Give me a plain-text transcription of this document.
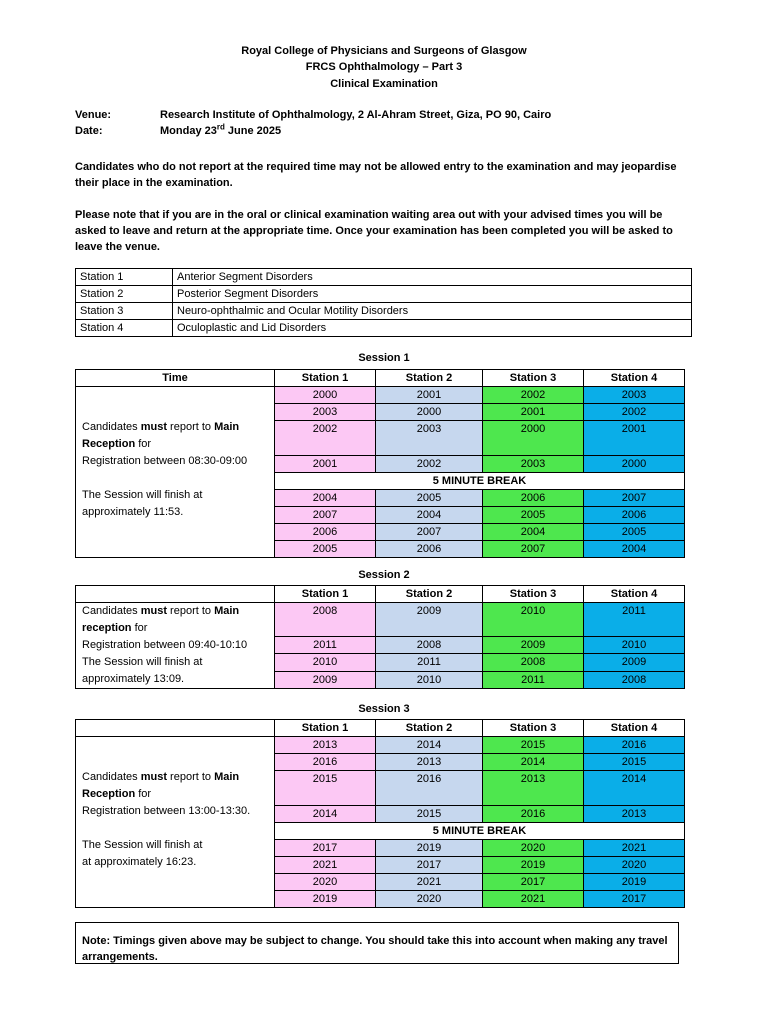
Royal College of Physicians and Surgeons of Glasgow
FRCS Ophthalmology – Part 3
Clinical Examination
Venue:	Research Institute of Ophthalmology, 2 Al-Ahram Street, Giza, PO 90, Cairo
Date:	Monday 23rd June 2025
Candidates who do not report at the required time may not be allowed entry to the examination and may jeopardise their place in the examination.
Please note that if you are in the oral or clinical examination waiting area out with your advised times you will be asked to leave and return at the appropriate time. Once your examination has been completed you will be asked to leave the venue.
Station 1	Anterior Segment Disorders
Station 2	Posterior Segment Disorders
Station 3	Neuro-ophthalmic and Ocular Motility Disorders
Station 4	Oculoplastic and Lid Disorders
Session 1
Time	Station 1	Station 2	Station 3	Station 4
Candidates must report to Main Reception for
Registration between 08:30-09:00

The Session will finish at
approximately 11:53.	2000	2001	2002	2003
	2003	2000	2001	2002
	2002	2003	2000	2001
	2001	2002	2003	2000
	5 MINUTE BREAK			
	2004	2005	2006	2007
	2007	2004	2005	2006
	2006	2007	2004	2005
	2005	2006	2007	2004
Session 2
	Station 1	Station 2	Station 3	Station 4
Candidates must report to Main reception for
Registration between 09:40-10:10
The Session will finish at
approximately 13:09.	2008	2009	2010	2011
	2011	2008	2009	2010
	2010	2011	2008	2009
	2009	2010	2011	2008
Session 3
	Station 1	Station 2	Station 3	Station 4
Candidates must report to Main Reception for
Registration between 13:00-13:30.

The Session will finish at
at approximately 16:23.	2013	2014	2015	2016
	2016	2013	2014	2015
	2015	2016	2013	2014
	2014	2015	2016	2013
	5 MINUTE BREAK			
	2017	2019	2020	2021
	2021	2017	2019	2020
	2020	2021	2017	2019
	2019	2020	2021	2017
Note: Timings given above may be subject to change. You should take this into account when making any travel arrangements.
